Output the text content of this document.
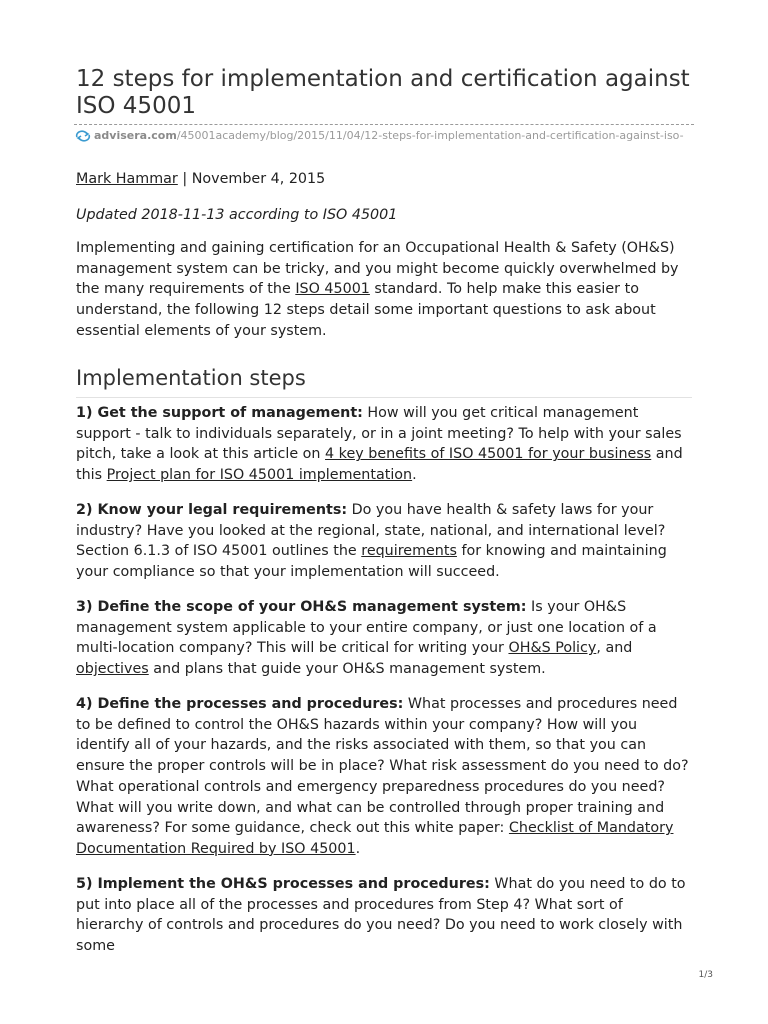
12 steps for implementation and certification against ISO 45001
advisera.com/45001academy/blog/2015/11/04/12-steps-for-implementation-and-certification-against-iso-
Mark Hammar | November 4, 2015
Updated 2018-11-13 according to ISO 45001

Implementing and gaining certification for an Occupational Health & Safety (OH&S) management system can be tricky, and you might become quickly overwhelmed by the many requirements of the ISO 45001 standard. To help make this easier to understand, the following 12 steps detail some important questions to ask about essential elements of your system.

Implementation steps

1) Get the support of management: How will you get critical management support - talk to individuals separately, or in a joint meeting? To help with your sales pitch, take a look at this article on 4 key benefits of ISO 45001 for your business and this Project plan for ISO 45001 implementation.

2) Know your legal requirements: Do you have health & safety laws for your industry? Have you looked at the regional, state, national, and international level? Section 6.1.3 of ISO 45001 outlines the requirements for knowing and maintaining your compliance so that your implementation will succeed.

3) Define the scope of your OH&S management system: Is your OH&S management system applicable to your entire company, or just one location of a multi-location company? This will be critical for writing your OH&S Policy, and objectives and plans that guide your OH&S management system.

4) Define the processes and procedures: What processes and procedures need to be defined to control the OH&S hazards within your company? How will you identify all of your hazards, and the risks associated with them, so that you can ensure the proper controls will be in place? What risk assessment do you need to do? What operational controls and emergency preparedness procedures do you need? What will you write down, and what can be controlled through proper training and awareness? For some guidance, check out this white paper: Checklist of Mandatory Documentation Required by ISO 45001.

5) Implement the OH&S processes and procedures: What do you need to do to put into place all of the processes and procedures from Step 4? What sort of hierarchy of controls and procedures do you need? Do you need to work closely with some

1/3
